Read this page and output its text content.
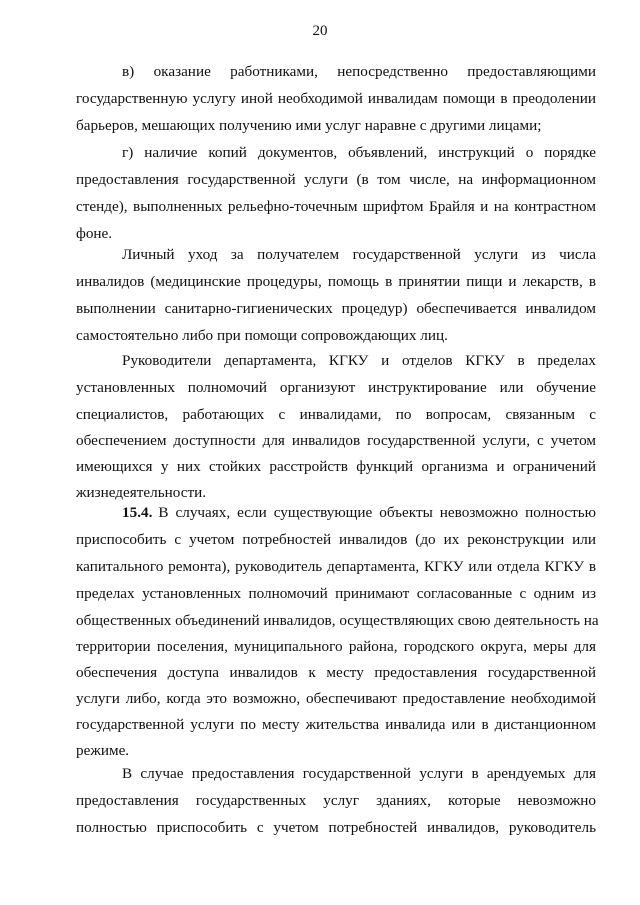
20
в) оказание работниками, непосредственно предоставляющими
государственную услугу иной необходимой инвалидам помощи в преодолении
барьеров, мешающих получению ими услуг наравне с другими лицами;
г) наличие копий документов, объявлений, инструкций о порядке
предоставления государственной услуги (в том числе, на информационном
стенде), выполненных рельефно-точечным шрифтом Брайля и на контрастном
фоне.
Личный уход за получателем государственной услуги из числа
инвалидов (медицинские процедуры, помощь в принятии пищи и лекарств, в
выполнении санитарно-гигиенических процедур) обеспечивается инвалидом
самостоятельно либо при помощи сопровождающих лиц.
Руководители департамента, КГКУ и отделов КГКУ в пределах
установленных полномочий организуют инструктирование или обучение
специалистов, работающих с инвалидами, по вопросам, связанным с
обеспечением доступности для инвалидов государственной услуги, с учетом
имеющихся у них стойких расстройств функций организма и ограничений
жизнедеятельности.
15.4. В случаях, если существующие объекты невозможно полностью
приспособить с учетом потребностей инвалидов (до их реконструкции или
капитального ремонта), руководитель департамента, КГКУ или отдела КГКУ в
пределах установленных полномочий принимают согласованные с одним из
общественных объединений инвалидов, осуществляющих свою деятельность на
территории поселения, муниципального района, городского округа, меры для
обеспечения доступа инвалидов к месту предоставления государственной
услуги либо, когда это возможно, обеспечивают предоставление необходимой
государственной услуги по месту жительства инвалида или в дистанционном
режиме.
В случае предоставления государственной услуги в арендуемых для
предоставления государственных услуг зданиях, которые невозможно
полностью приспособить с учетом потребностей инвалидов, руководитель
